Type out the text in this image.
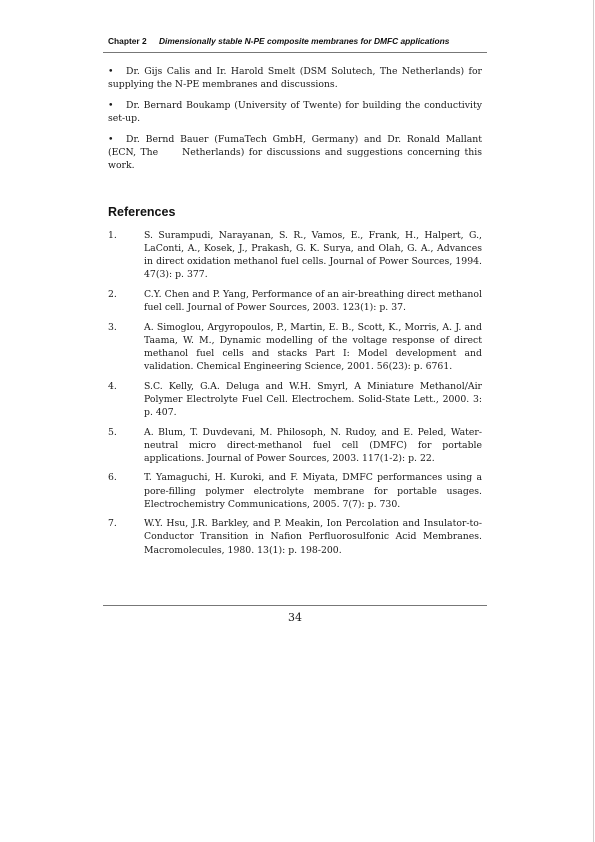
Chapter 2 Dimensionally stable N-PE composite membranes for DMFC applications

• Dr. Gijs Calis and Ir. Harold Smelt (DSM Solutech, The Netherlands) for supplying the N-PE membranes and discussions.

• Dr. Bernard Boukamp (University of Twente) for building the conductivity set-up.

• Dr. Bernd Bauer (FumaTech GmbH, Germany) and Dr. Ronald Mallant (ECN, The	Netherlands) for discussions and suggestions concerning this work.

References
1.	S. Surampudi, Narayanan, S. R., Vamos, E., Frank, H., Halpert, G., LaConti, A., Kosek, J., Prakash, G. K. Surya, and Olah, G. A., Advances in direct oxidation methanol fuel cells. Journal of Power Sources, 1994. 47(3): p. 377.
2.	C.Y. Chen and P. Yang, Performance of an air-breathing direct methanol fuel cell. Journal of Power Sources, 2003. 123(1): p. 37.
3.	A. Simoglou, Argyropoulos, P., Martin, E. B., Scott, K., Morris, A. J. and Taama, W. M., Dynamic modelling of the voltage response of direct methanol fuel cells and stacks Part I: Model development and validation. Chemical Engineering Science, 2001. 56(23): p. 6761.
4.	S.C. Kelly, G.A. Deluga and W.H. Smyrl, A Miniature Methanol/Air Polymer Electrolyte Fuel Cell. Electrochem. Solid-State Lett., 2000. 3: p. 407.
5.	A. Blum, T. Duvdevani, M. Philosoph, N. Rudoy, and E. Peled, Water-neutral micro direct-methanol fuel cell (DMFC) for portable applications. Journal of Power Sources, 2003. 117(1-2): p. 22.
6.	T. Yamaguchi, H. Kuroki, and F. Miyata, DMFC performances using a pore-filling polymer electrolyte membrane for portable usages. Electrochemistry Communications, 2005. 7(7): p. 730.
7.	W.Y. Hsu, J.R. Barkley, and P. Meakin, Ion Percolation and Insulator-to-Conductor Transition in Nafion Perfluorosulfonic Acid Membranes. Macromolecules, 1980. 13(1): p. 198-200.
34
